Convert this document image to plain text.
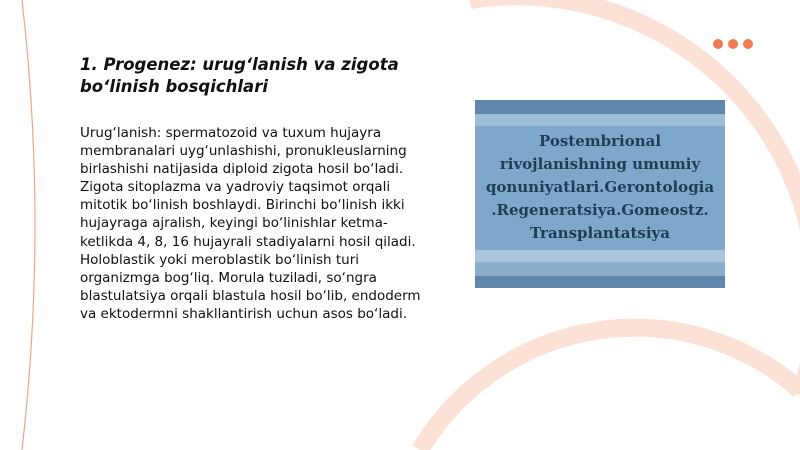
1. Progenez: urug‘lanish va zigota bo‘linish bosqichlari

Urug‘lanish: spermatozoid va tuxum hujayra membranalari uyg‘unlashishi, pronukleuslarning birlashishi natijasida diploid zigota hosil bo‘ladi. Zigota sitoplazma va yadroviy taqsimot orqali mitotik bo‘linish boshlaydi. Birinchi bo‘linish ikki hujayraga ajralish, keyingi bo‘linishlar ketma-ketlikda 4, 8, 16 hujayrali stadiyalarni hosil qiladi. Holoblastik yoki meroblastik bo‘linish turi organizmga bog‘liq. Morula tuziladi, so‘ngra blastulatsiya orqali blastula hosil bo‘lib, endoderm va ektodermni shakllantirish uchun asos bo‘ladi.

Postembrional rivojlanishning umumiy qonuniyatlari.Gerontologia .Regeneratsiya.Gomeostz. Transplantatsiya
